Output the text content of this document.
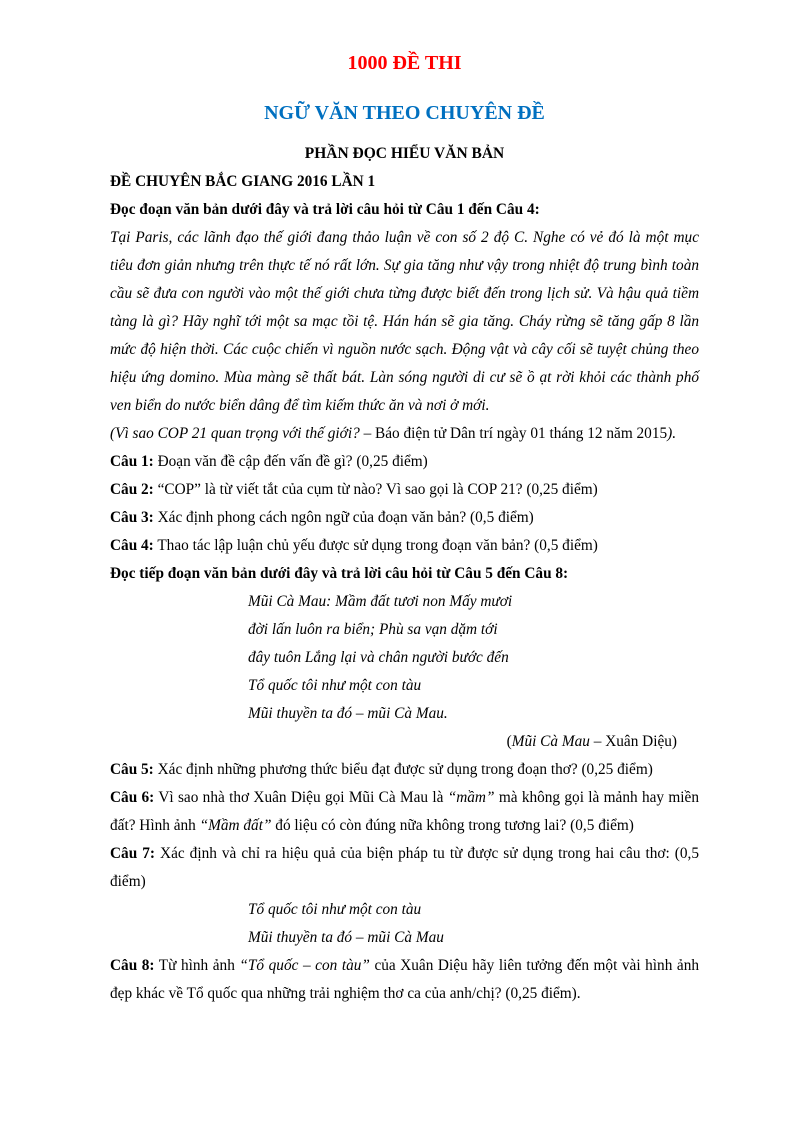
1000 ĐỀ THI
NGỮ VĂN THEO CHUYÊN ĐỀ
PHẦN ĐỌC HIỂU VĂN BẢN

ĐỀ CHUYÊN BẮC GIANG 2016 LẦN 1

Đọc đoạn văn bản dưới đây và trả lời câu hỏi từ Câu 1 đến Câu 4:

Tại Paris, các lãnh đạo thế giới đang thảo luận về con số 2 độ C. Nghe có vẻ đó là một mục tiêu đơn giản nhưng trên thực tế nó rất lớn. Sự gia tăng như vậy trong nhiệt độ trung bình toàn cầu sẽ đưa con người vào một thế giới chưa từng được biết đến trong lịch sử. Và hậu quả tiềm tàng là gì? Hãy nghĩ tới một sa mạc tồi tệ. Hán hán sẽ gia tăng. Cháy rừng sẽ tăng gấp 8 lần mức độ hiện thời. Các cuộc chiến vì nguồn nước sạch. Động vật và cây cối sẽ tuyệt chủng theo hiệu ứng domino. Mùa màng sẽ thất bát. Làn sóng người di cư sẽ ồ ạt rời khỏi các thành phố ven biển do nước biển dâng để tìm kiếm thức ăn và nơi ở mới.

(Vì sao COP 21 quan trọng với thế giới? – Báo điện tử Dân trí ngày 01 tháng 12 năm 2015).

Câu 1: Đoạn văn đề cập đến vấn đề gì? (0,25 điểm)

Câu 2: “COP” là từ viết tắt của cụm từ nào? Vì sao gọi là COP 21? (0,25 điểm)

Câu 3: Xác định phong cách ngôn ngữ của đoạn văn bản? (0,5 điểm)

Câu 4: Thao tác lập luận chủ yếu được sử dụng trong đoạn văn bản? (0,5 điểm)

Đọc tiếp đoạn văn bản dưới đây và trả lời câu hỏi từ Câu 5 đến Câu 8:

Mũi Cà Mau: Mầm đất tươi non Mấy mươi

đời lấn luôn ra biển; Phù sa vạn dặm tới

đây tuôn Lắng lại và chân người bước đến

Tổ quốc tôi như một con tàu

Mũi thuyền ta đó – mũi Cà Mau.

(Mũi Cà Mau – Xuân Diệu)

Câu 5: Xác định những phương thức biểu đạt được sử dụng trong đoạn thơ? (0,25 điểm)

Câu 6: Vì sao nhà thơ Xuân Diệu gọi Mũi Cà Mau là “mầm” mà không gọi là mảnh hay miền đất? Hình ảnh “Mầm đất” đó liệu có còn đúng nữa không trong tương lai? (0,5 điểm)

Câu 7: Xác định và chỉ ra hiệu quả của biện pháp tu từ được sử dụng trong hai câu thơ: (0,5 điểm)

Tổ quốc tôi như một con tàu

Mũi thuyền ta đó – mũi Cà Mau

Câu 8: Từ hình ảnh “Tổ quốc – con tàu” của Xuân Diệu hãy liên tưởng đến một vài hình ảnh đẹp khác về Tổ quốc qua những trải nghiệm thơ ca của anh/chị? (0,25 điểm).
